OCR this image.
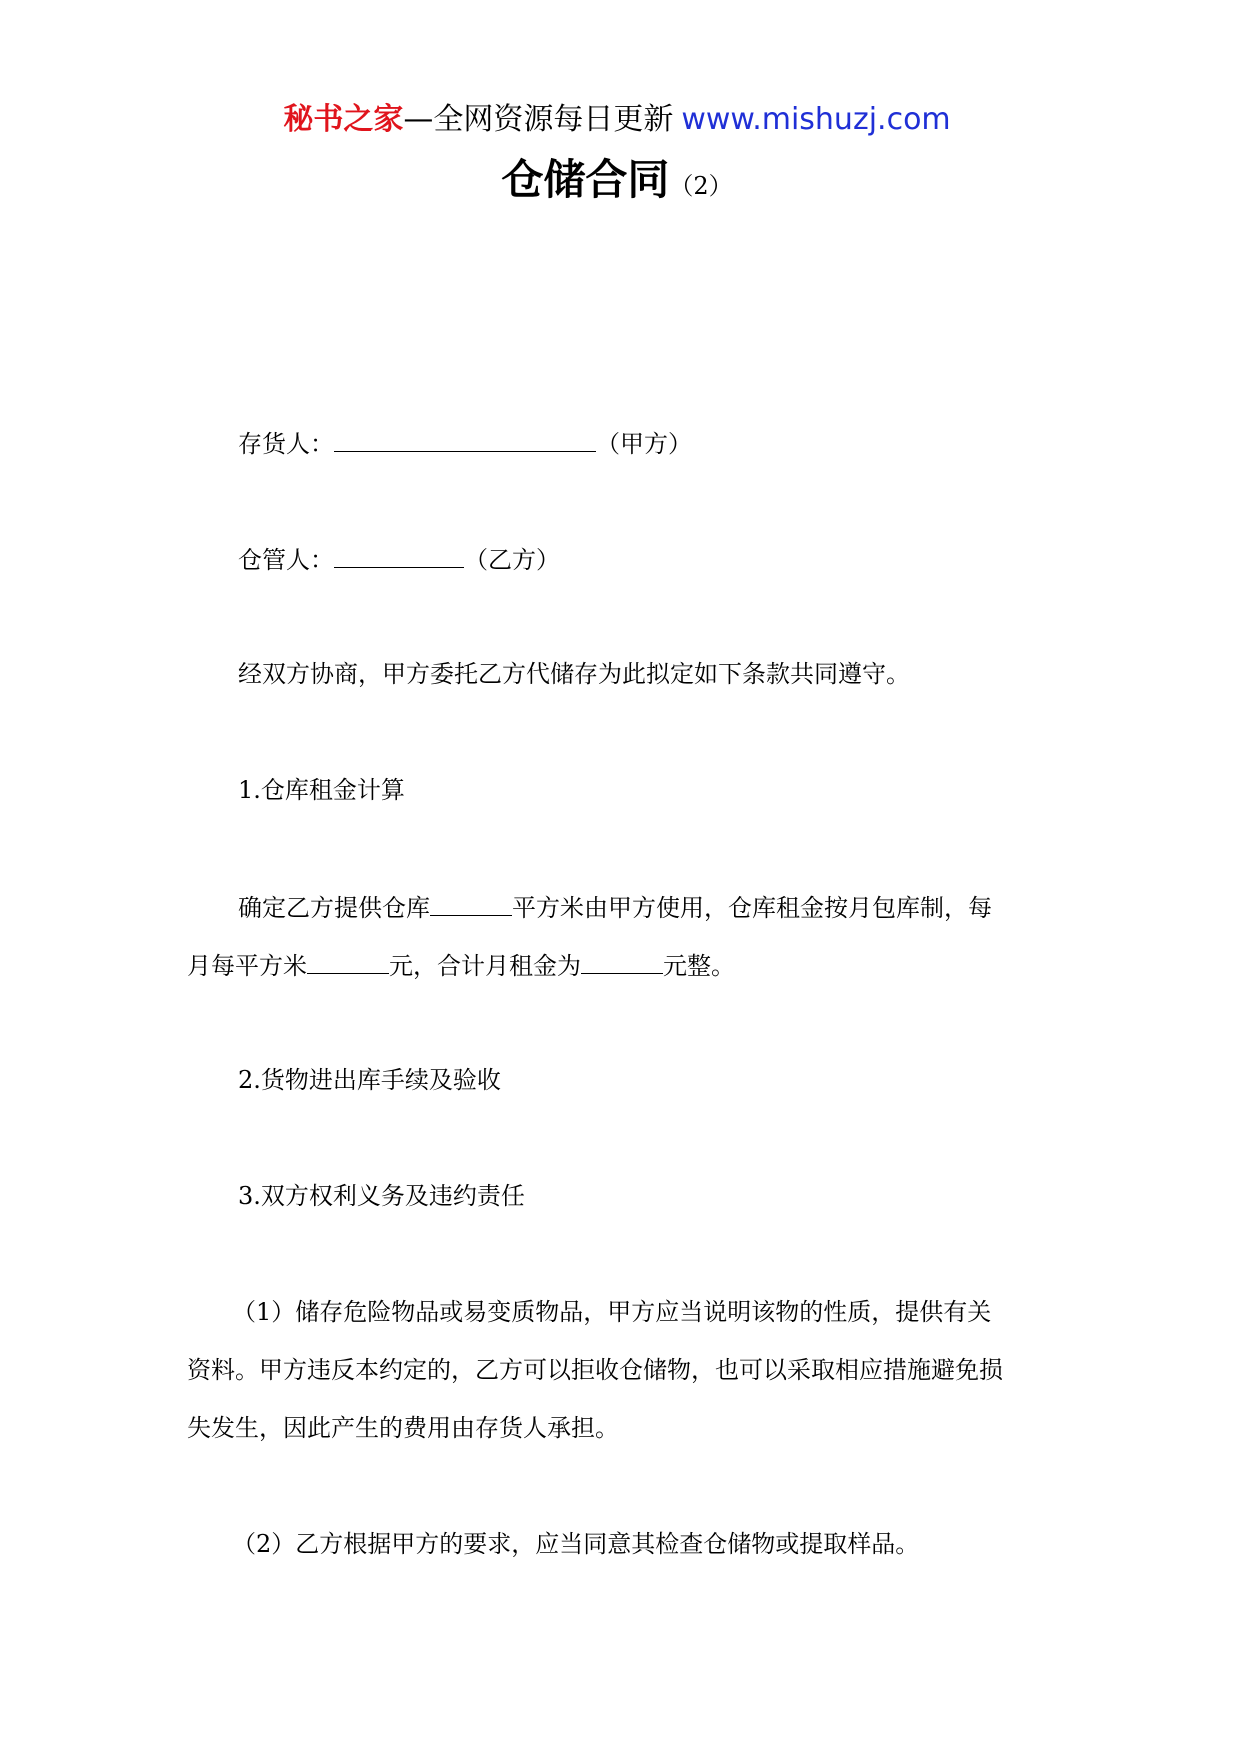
秘书之家—全网资源每日更新 www.mishuzj.com
仓储合同（2）
存货人：	（甲方）
仓管人：	（乙方）
经双方协商，甲方委托乙方代储存为此拟定如下条款共同遵守。
1.仓库租金计算
确定乙方提供仓库	平方米由甲方使用，仓库租金按月包库制，每
月每平方米	元，合计月租金为	元整。
2.货物进出库手续及验收
3.双方权利义务及违约责任
（1）储存危险物品或易变质物品，甲方应当说明该物的性质，提供有关
资料。甲方违反本约定的，乙方可以拒收仓储物，也可以采取相应措施避免损
失发生，因此产生的费用由存货人承担。
（2）乙方根据甲方的要求，应当同意其检查仓储物或提取样品。
